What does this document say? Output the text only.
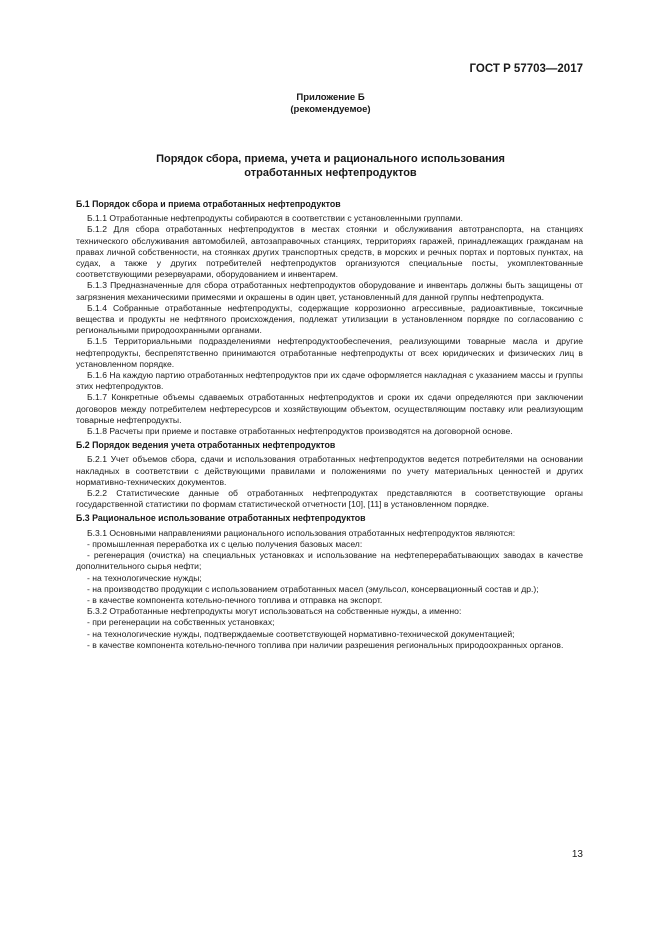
ГОСТ Р 57703—2017
Приложение Б
(рекомендуемое)
Порядок сбора, приема, учета и рационального использования
отработанных нефтепродуктов
Б.1 Порядок сбора и приема отработанных нефтепродуктов

Б.1.1 Отработанные нефтепродукты собираются в соответствии с установленными группами.

Б.1.2 Для сбора отработанных нефтепродуктов в местах стоянки и обслуживания автотранспорта, на станциях технического обслуживания автомобилей, автозаправочных станциях, территориях гаражей, принадлежащих гражданам на правах личной собственности, на стоянках других транспортных средств, в морских и речных портах и портовых пунктах, на судах, а также у других потребителей нефтепродуктов организуются специальные посты, укомплектованные соответствующими резервуарами, оборудованием и инвентарем.

Б.1.3 Предназначенные для сбора отработанных нефтепродуктов оборудование и инвентарь должны быть защищены от загрязнения механическими примесями и окрашены в один цвет, установленный для данной группы нефтепродукта.

Б.1.4 Собранные отработанные нефтепродукты, содержащие коррозионно агрессивные, радиоактивные, токсичные вещества и продукты не нефтяного происхождения, подлежат утилизации в установленном порядке по согласованию с региональными природоохранными органами.

Б.1.5 Территориальными подразделениями нефтепродуктообеспечения, реализующими товарные масла и другие нефтепродукты, беспрепятственно принимаются отработанные нефтепродукты от всех юридических и физических лиц в установленном порядке.

Б.1.6 На каждую партию отработанных нефтепродуктов при их сдаче оформляется накладная с указанием массы и группы этих нефтепродуктов.

Б.1.7 Конкретные объемы сдаваемых отработанных нефтепродуктов и сроки их сдачи определяются при заключении договоров между потребителем нефтересурсов и хозяйствующим объектом, осуществляющим поставку или реализующим товарные нефтепродукты.

Б.1.8 Расчеты при приеме и поставке отработанных нефтепродуктов производятся на договорной основе.

Б.2 Порядок ведения учета отработанных нефтепродуктов

Б.2.1 Учет объемов сбора, сдачи и использования отработанных нефтепродуктов ведется потребителями на основании накладных в соответствии с действующими правилами и положениями по учету материальных ценностей и других нормативно-технических документов.

Б.2.2 Статистические данные об отработанных нефтепродуктах представляются в соответствующие органы государственной статистики по формам статистической отчетности [10], [11] в установленном порядке.

Б.3 Рациональное использование отработанных нефтепродуктов

Б.3.1 Основными направлениями рационального использования отработанных нефтепродуктов являются:

- промышленная переработка их с целью получения базовых масел:

- регенерация (очистка) на специальных установках и использование на нефтеперерабатывающих заводах в качестве дополнительного сырья нефти;

- на технологические нужды;

- на производство продукции с использованием отработанных масел (эмульсол, консервационный состав и др.);

- в качестве компонента котельно-печного топлива и отправка на экспорт.

Б.3.2 Отработанные нефтепродукты могут использоваться на собственные нужды, а именно:

- при регенерации на собственных установках;

- на технологические нужды, подтверждаемые соответствующей нормативно-технической документацией;

- в качестве компонента котельно-печного топлива при наличии разрешения региональных природоохранных органов.

13
